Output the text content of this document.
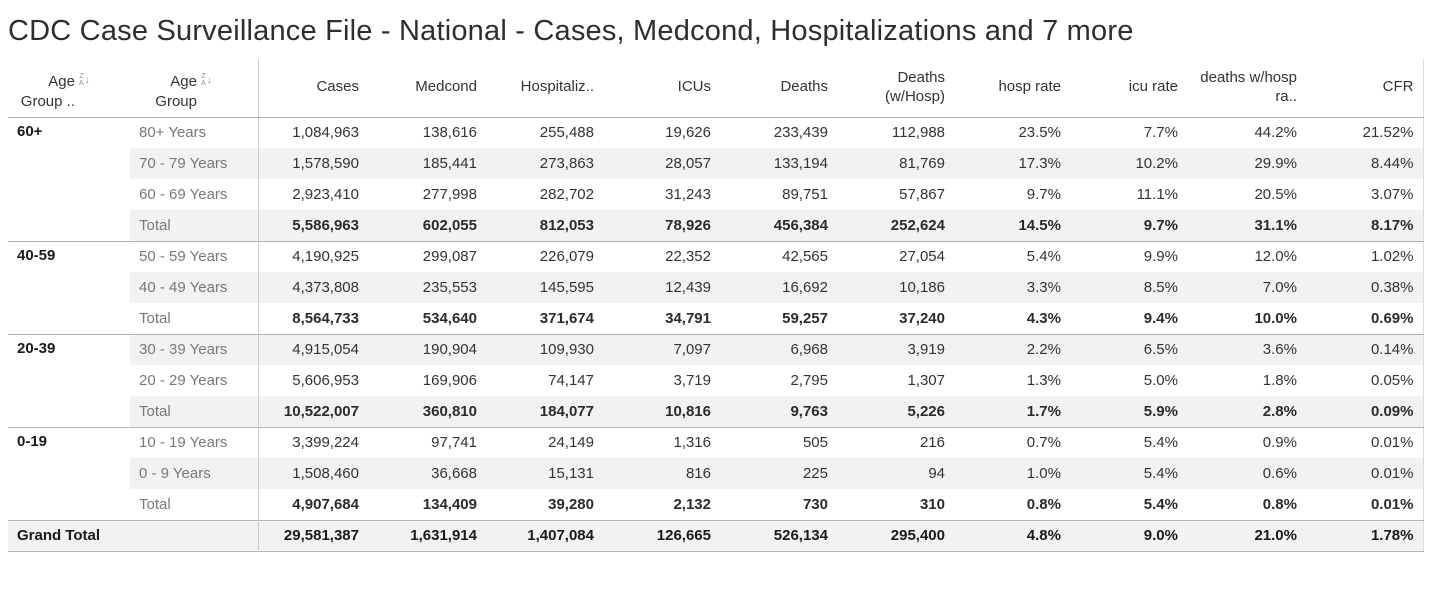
CDC Case Surveillance File - National - Cases, Medcond, Hospitalizations and 7 more
Age Group ..
Z
A ↓	Age Group
Z
A ↓	Cases	Medcond	Hospitaliz..	ICUs	Deaths	Deaths (w/Hosp)	hosp rate	icu rate	deaths w/hosp ra..	CFR
60+	80+ Years	1,084,963	138,616	255,488	19,626	233,439	112,988	23.5%	7.7%	44.2%	21.52%
	70 - 79 Years	1,578,590	185,441	273,863	28,057	133,194	81,769	17.3%	10.2%	29.9%	8.44%
	60 - 69 Years	2,923,410	277,998	282,702	31,243	89,751	57,867	9.7%	11.1%	20.5%	3.07%
	Total	5,586,963	602,055	812,053	78,926	456,384	252,624	14.5%	9.7%	31.1%	8.17%
40-59	50 - 59 Years	4,190,925	299,087	226,079	22,352	42,565	27,054	5.4%	9.9%	12.0%	1.02%
	40 - 49 Years	4,373,808	235,553	145,595	12,439	16,692	10,186	3.3%	8.5%	7.0%	0.38%
	Total	8,564,733	534,640	371,674	34,791	59,257	37,240	4.3%	9.4%	10.0%	0.69%
20-39	30 - 39 Years	4,915,054	190,904	109,930	7,097	6,968	3,919	2.2%	6.5%	3.6%	0.14%
	20 - 29 Years	5,606,953	169,906	74,147	3,719	2,795	1,307	1.3%	5.0%	1.8%	0.05%
	Total	10,522,007	360,810	184,077	10,816	9,763	5,226	1.7%	5.9%	2.8%	0.09%
0-19	10 - 19 Years	3,399,224	97,741	24,149	1,316	505	216	0.7%	5.4%	0.9%	0.01%
	0 - 9 Years	1,508,460	36,668	15,131	816	225	94	1.0%	5.4%	0.6%	0.01%
	Total	4,907,684	134,409	39,280	2,132	730	310	0.8%	5.4%	0.8%	0.01%
Grand Total		29,581,387	1,631,914	1,407,084	126,665	526,134	295,400	4.8%	9.0%	21.0%	1.78%
